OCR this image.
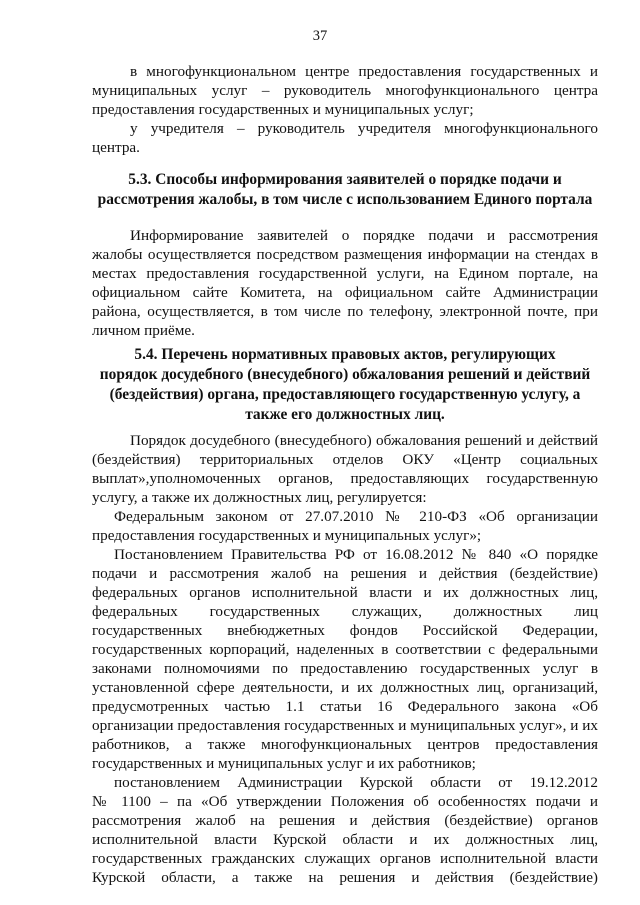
37
в многофункциональном центре предоставления государственных и
муниципальных услуг – руководитель многофункционального центра
предоставления государственных и муниципальных услуг;
у учредителя – руководитель учредителя многофункционального
центра.
5.3. Способы информирования заявителей о порядке подачи и
рассмотрения жалобы, в том числе с использованием Единого портала
Информирование заявителей о порядке подачи и рассмотрения
жалобы осуществляется посредством размещения информации на стендах в
местах предоставления государственной услуги, на Едином портале, на
официальном сайте Комитета, на официальном сайте Администрации
района, осуществляется, в том числе по телефону, электронной почте, при
личном приёме.
5.4. Перечень нормативных правовых актов, регулирующих
порядок досудебного (внесудебного) обжалования решений и действий
(бездействия) органа, предоставляющего государственную услугу, а
также его должностных лиц.
Порядок досудебного (внесудебного) обжалования решений и действий
(бездействия) территориальных отделов ОКУ «Центр социальных
выплат»,уполномоченных органов, предоставляющих государственную
услугу, а также их должностных лиц, регулируется:
Федеральным законом от 27.07.2010 № 210-ФЗ «Об организации
предоставления государственных и муниципальных услуг»;
Постановлением Правительства РФ от 16.08.2012 № 840 «О порядке
подачи и рассмотрения жалоб на решения и действия (бездействие)
федеральных органов исполнительной власти и их должностных лиц,
федеральных государственных служащих, должностных лиц
государственных внебюджетных фондов Российской Федерации,
государственных корпораций, наделенных в соответствии с федеральными
законами полномочиями по предоставлению государственных услуг в
установленной сфере деятельности, и их должностных лиц, организаций,
предусмотренных частью 1.1 статьи 16 Федерального закона «Об
организации предоставления государственных и муниципальных услуг», и их
работников, а также многофункциональных центров предоставления
государственных и муниципальных услуг и их работников;
постановлением Администрации Курской области от 19.12.2012
№ 1100 – па «Об утверждении Положения об особенностях подачи и
рассмотрения жалоб на решения и действия (бездействие) органов
исполнительной власти Курской области и их должностных лиц,
государственных гражданских служащих органов исполнительной власти
Курской области, а также на решения и действия (бездействие)
